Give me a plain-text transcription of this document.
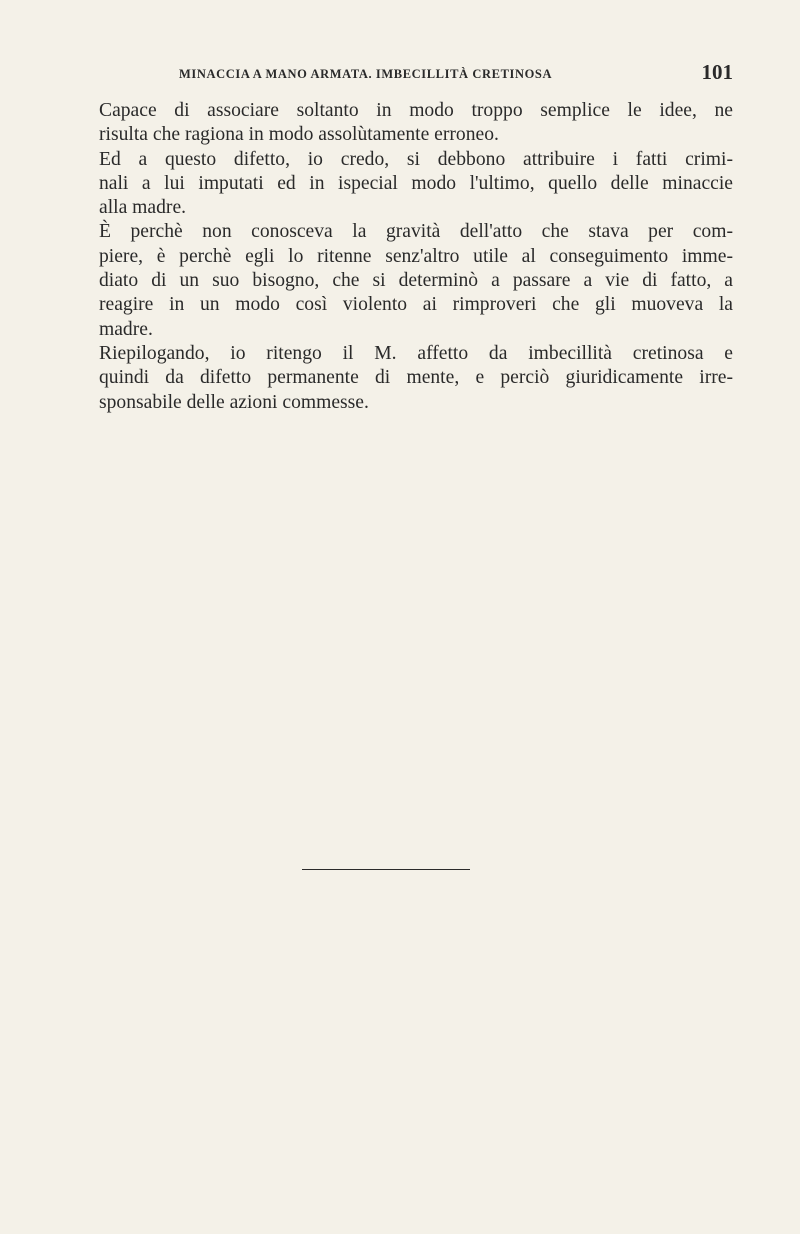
MINACCIA A MANO ARMATA. IMBECILLITÀ CRETINOSA	101
Capace di associare soltanto in modo troppo semplice le idee, ne
risulta che ragiona in modo assolùtamente erroneo.
Ed a questo difetto, io credo, si debbono attribuire i fatti crimi-
nali a lui imputati ed in ispecial modo l'ultimo, quello delle minaccie
alla madre.
È perchè non conosceva la gravità dell'atto che stava per com-
piere, è perchè egli lo ritenne senz'altro utile al conseguimento imme-
diato di un suo bisogno, che si determinò a passare a vie di fatto, a
reagire in un modo così violento ai rimproveri che gli muoveva la
madre.
Riepilogando, io ritengo il M. affetto da imbecillità cretinosa e
quindi da difetto permanente di mente, e perciò giuridicamente irre-
sponsabile delle azioni commesse.
